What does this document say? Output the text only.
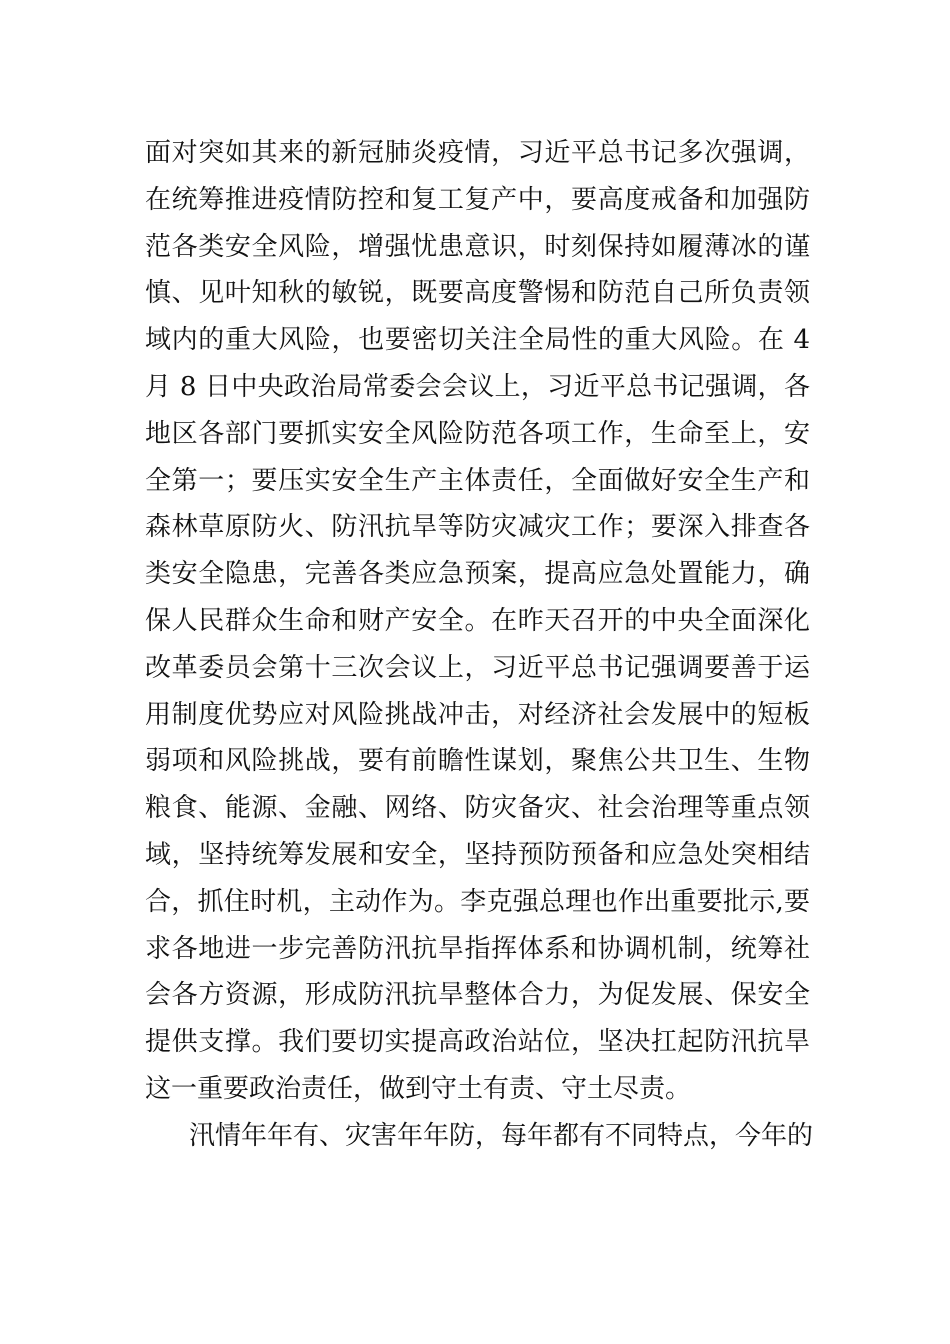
面对突如其来的新冠肺炎疫情，习近平总书记多次强调，
在统筹推进疫情防控和复工复产中，要高度戒备和加强防
范各类安全风险，增强忧患意识，时刻保持如履薄冰的谨
慎、见叶知秋的敏锐，既要高度警惕和防范自己所负责领
域内的重大风险，也要密切关注全局性的重大风险。在 4
月 8 日中央政治局常委会会议上，习近平总书记强调，各
地区各部门要抓实安全风险防范各项工作，生命至上，安
全第一；要压实安全生产主体责任，全面做好安全生产和
森林草原防火、防汛抗旱等防灾减灾工作；要深入排查各
类安全隐患，完善各类应急预案，提高应急处置能力，确
保人民群众生命和财产安全。在昨天召开的中央全面深化
改革委员会第十三次会议上，习近平总书记强调要善于运
用制度优势应对风险挑战冲击，对经济社会发展中的短板
弱项和风险挑战，要有前瞻性谋划，聚焦公共卫生、生物
粮食、能源、金融、网络、防灾备灾、社会治理等重点领
域，坚持统筹发展和安全，坚持预防预备和应急处突相结
合，抓住时机，主动作为。李克强总理也作出重要批示,要
求各地进一步完善防汛抗旱指挥体系和协调机制，统筹社
会各方资源，形成防汛抗旱整体合力，为促发展、保安全
提供支撑。我们要切实提高政治站位，坚决扛起防汛抗旱
这一重要政治责任，做到守土有责、守土尽责。
汛情年年有、灾害年年防，每年都有不同特点，今年的
